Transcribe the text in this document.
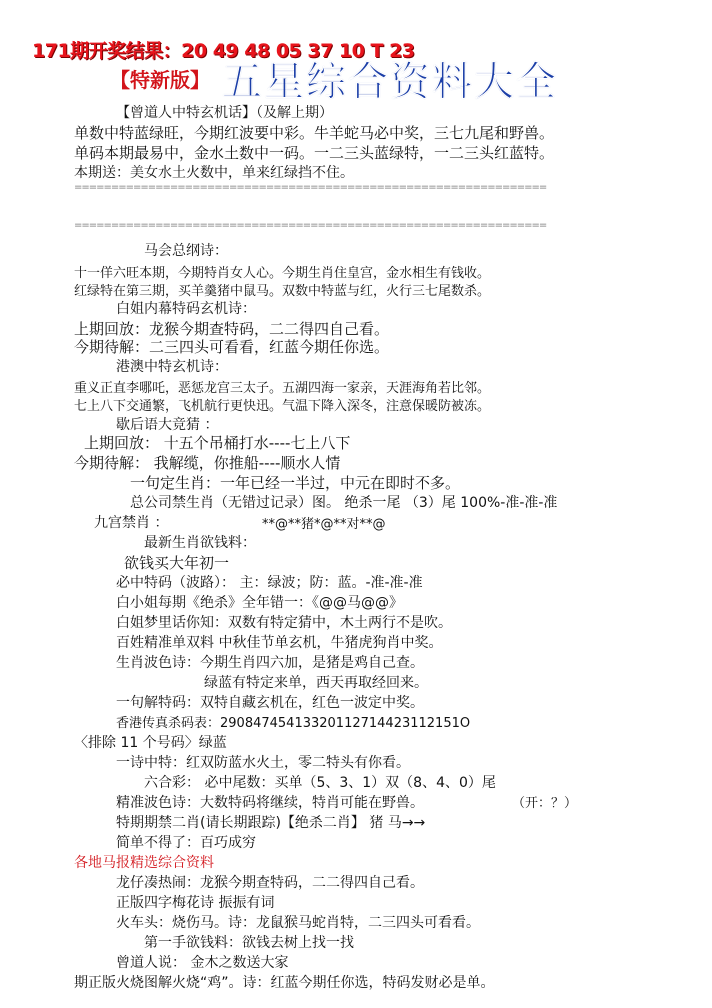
171期开奖结果：20 49 48 05 37 10 T 23
【特新版】 五星综合资料大全
【曾道人中特玄机话】（及解上期）
单数中特蓝绿旺，今期红波要中彩。牛羊蛇马必中奖，三七九尾和野兽。
单码本期最易中，金水土数中一码。一二三头蓝绿特，一二三头红蓝特。
本期送：美女水土火数中，单来红绿挡不住。
================================================================
================================================================
马会总纲诗：
十一佯六旺本期，今期特肖女人心。今期生肖住皇宫，金水相生有钱收。
红绿特在第三期，买羊羹猪中鼠马。双数中特蓝与红，火行三七尾数杀。
白姐内幕特码玄机诗：
上期回放：龙猴今期查特码，二二得四自己看。
今期待解：二三四头可看看，红蓝今期任你选。
港澳中特玄机诗：
重义正直李哪吒，恶惩龙宫三太子。五湖四海一家亲，天涯海角若比邻。
七上八下交通繁，飞机航行更快迅。气温下降入深冬，注意保暖防被冻。
歇后语大竞猜 ：
上期回放： 十五个吊桶打水----七上八下
今期待解： 我解缆，你推船----顺水人情
一句定生肖：一年已经一半过，中元在即时不多。
总公司禁生肖（无错过记录）图。 绝杀一尾 （3）尾 100%-准-准-准
九宫禁肖 ：	**@**猪*@**对**@
最新生肖欲钱料：
欲钱买大年初一
必中特码（波路）： 主：绿波；防：蓝。-准-准-准
白小姐每期《绝杀》全年错一：《@@马@@》
白姐梦里话你知：双数有特定猜中，木土两行不是吹。
百姓精准单双料 中秋佳节单玄机，牛猪虎狗肖中奖。
生肖波色诗：今期生肖四六加，是猪是鸡自己查。
绿蓝有特定来单，西天再取经回来。
一句解特码：双特自藏玄机在，红色一波定中奖。
香港传真杀码表：29084745413320112714423112151O
〈排除 11 个号码〉绿蓝
一诗中特：红双防蓝水火土，零二特头有你看。
六合彩： 必中尾数：买单（5、3、1）双（8、4、0）尾
精准波色诗：大数特码将继续，特肖可能在野兽。	（开：？）
特期期禁二肖(请长期跟踪)【绝杀二肖】 猪 马→→
简单不得了：百巧成穷
各地马报精选综合资料
龙仔凑热闹：龙猴今期查特码，二二得四自己看。
正版四字梅花诗 振振有词
火车头：烧伤马。诗：龙鼠猴马蛇肖特，二三四头可看看。
第一手欲钱料：欲钱去树上找一找
曾道人说： 金木之数送大家
期正版火烧图解火烧“鸡”。诗：红蓝今期任你选，特码发财必是单。
